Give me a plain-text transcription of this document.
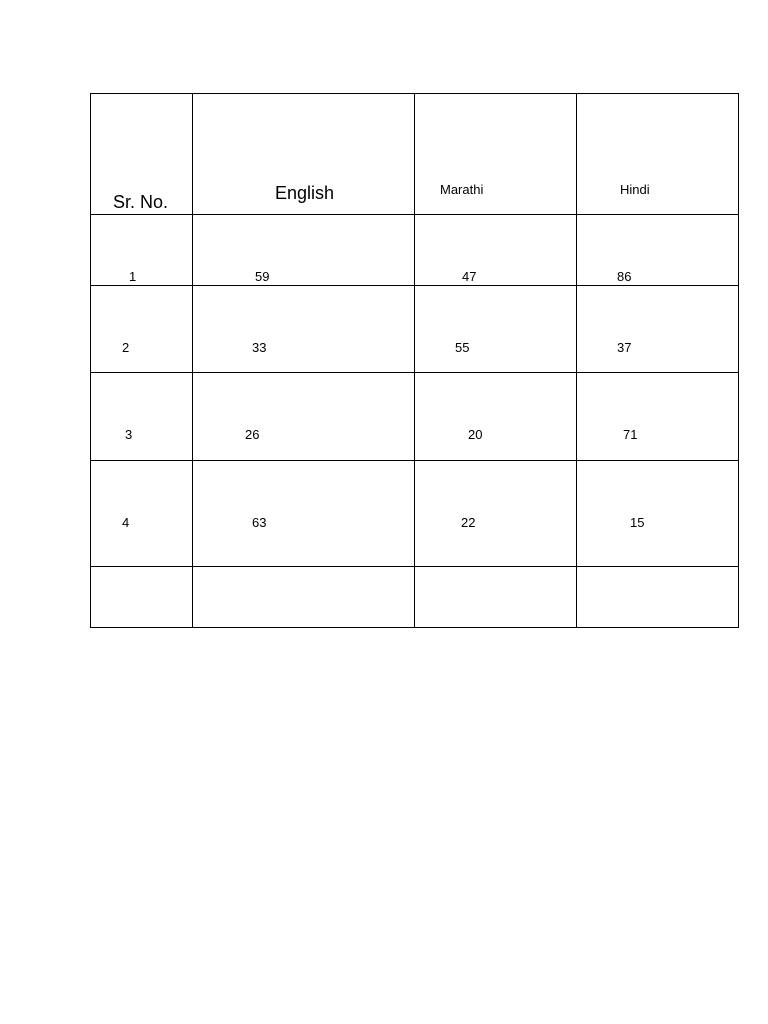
Sr. No.	English	Marathi	Hindi

1	59	47	86

2	33	55	37

3	26	20	71

4	63	22	15
